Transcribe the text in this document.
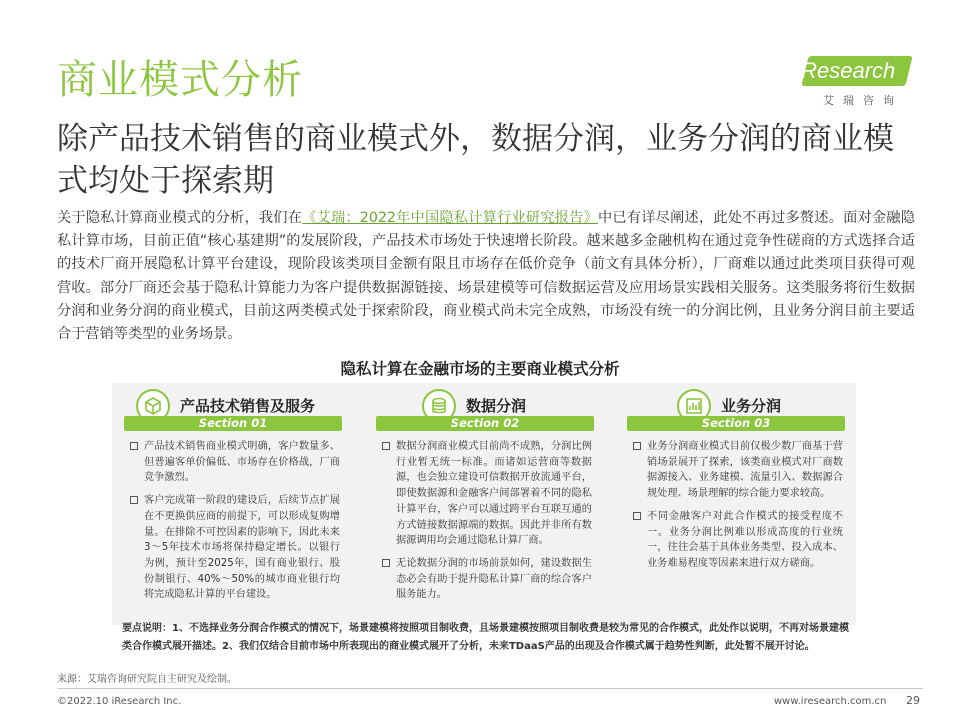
商业模式分析	iResearch
艾瑞咨询
除产品技术销售的商业模式外，数据分润，业务分润的商业模式均处于探索期
关于隐私计算商业模式的分析，我们在《艾瑞：2022年中国隐私计算行业研究报告》中已有详尽阐述，此处不再过多赘述。面对金融隐私计算市场，目前正值“核心基建期”的发展阶段，产品技术市场处于快速增长阶段。越来越多金融机构在通过竞争性磋商的方式选择合适的技术厂商开展隐私计算平台建设，现阶段该类项目金额有限且市场存在低价竞争（前文有具体分析），厂商难以通过此类项目获得可观营收。部分厂商还会基于隐私计算能力为客户提供数据源链接、场景建模等可信数据运营及应用场景实践相关服务。这类服务将衍生数据分润和业务分润的商业模式，目前这两类模式处于探索阶段，商业模式尚未完全成熟，市场没有统一的分润比例，且业务分润目前主要适合于营销等类型的业务场景。
隐私计算在金融市场的主要商业模式分析
产品技术销售及服务
Section 01
产品技术销售商业模式明确，客户数量多、但普遍客单价偏低、市场存在价格战，厂商竞争激烈。
客户完成第一阶段的建设后，后续节点扩展在不更换供应商的前提下，可以形成复购增量。在排除不可控因素的影响下，因此未来3～5年技术市场将保持稳定增长。以银行为例，预计至2025年，国有商业银行、股份制银行、40%～50%的城市商业银行均将完成隐私计算的平台建设。
数据分润
Section 02
数据分润商业模式目前尚不成熟，分润比例行业暂无统一标准。而诸如运营商等数据源，也会独立建设可信数据开放流通平台，即使数据源和金融客户间部署着不同的隐私计算平台，客户可以通过跨平台互联互通的方式链接数据源端的数据。因此并非所有数据源调用均会通过隐私计算厂商。
无论数据分润的市场前景如何，建设数据生态必会有助于提升隐私计算厂商的综合客户服务能力。
业务分润
Section 03
业务分润商业模式目前仅极少数厂商基于营销场景展开了探索，该类商业模式对厂商数据源接入、业务建模、流量引入、数据源合规处理、场景理解的综合能力要求较高。
不同金融客户对此合作模式的接受程度不一。业务分润比例难以形成高度的行业统一，往往会基于具体业务类型、投入成本、业务难易程度等因素来进行双方磋商。
要点说明：1、不选择业务分润合作模式的情况下，场景建模将按照项目制收费，且场景建模按照项目制收费是较为常见的合作模式，此处作以说明，不再对场景建模类合作模式展开描述。2、我们仅结合目前市场中所表现出的商业模式展开了分析，未来TDaaS产品的出现及合作模式属于趋势性判断，此处暂不展开讨论。
来源：艾瑞咨询研究院自主研究及绘制。
©2022.10 iResearch Inc.	www.iresearch.com.cn 29
